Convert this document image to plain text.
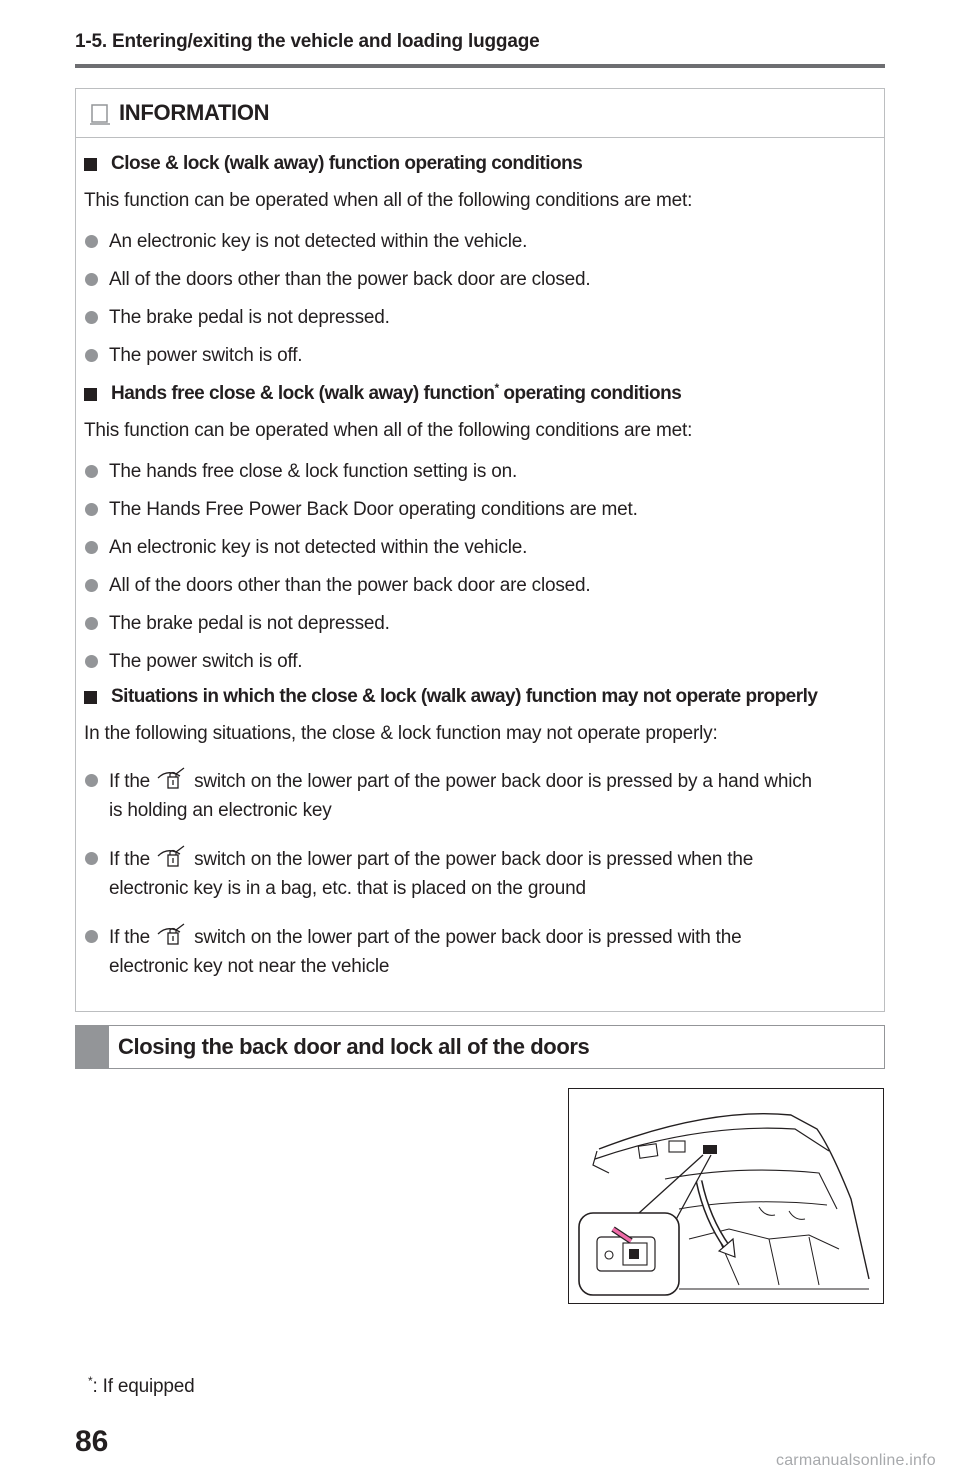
1-5. Entering/exiting the vehicle and loading luggage
INFORMATION
Close & lock (walk away) function operating conditions
This function can be operated when all of the following conditions are met:
An electronic key is not detected within the vehicle.
All of the doors other than the power back door are closed.
The brake pedal is not depressed.
The power switch is off.
Hands free close & lock (walk away) function* operating conditions
This function can be operated when all of the following conditions are met:
The hands free close & lock function setting is on.
The Hands Free Power Back Door operating conditions are met.
An electronic key is not detected within the vehicle.
All of the doors other than the power back door are closed.
The brake pedal is not depressed.
The power switch is off.
Situations in which the close & lock (walk away) function may not operate properly
In the following situations, the close & lock function may not operate properly:
If the switch on the lower part of the power back door is pressed by a hand which
is holding an electronic key
If the switch on the lower part of the power back door is pressed when the
electronic key is in a bag, etc. that is placed on the ground
If the switch on the lower part of the power back door is pressed with the
electronic key not near the vehicle
Closing the back door and lock all of the doors
*: If equipped
86
carmanualsonline.info
